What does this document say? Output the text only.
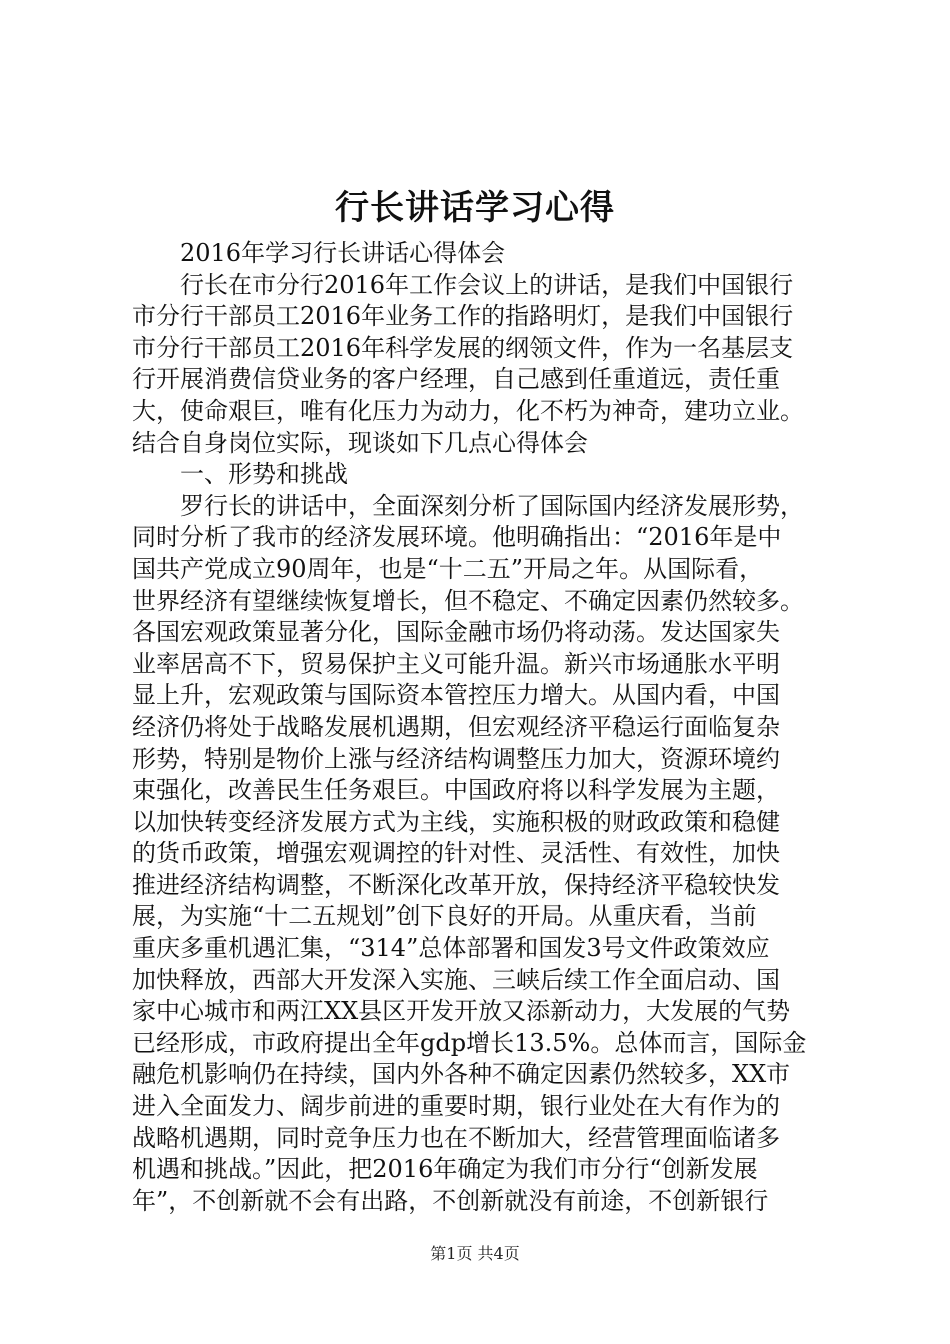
行长讲话学习心得
2016年学习行长讲话心得体会
行长在市分行2016年工作会议上的讲话，是我们中国银行
市分行干部员工2016年业务工作的指路明灯，是我们中国银行
市分行干部员工2016年科学发展的纲领文件，作为一名基层支
行开展消费信贷业务的客户经理，自己感到任重道远，责任重
大，使命艰巨，唯有化压力为动力，化不朽为神奇，建功立业。
结合自身岗位实际，现谈如下几点心得体会
一、形势和挑战
罗行长的讲话中，全面深刻分析了国际国内经济发展形势，
同时分析了我市的经济发展环境。他明确指出：“2016年是中
国共产党成立90周年，也是“十二五”开局之年。从国际看，
世界经济有望继续恢复增长，但不稳定、不确定因素仍然较多。
各国宏观政策显著分化，国际金融市场仍将动荡。发达国家失
业率居高不下，贸易保护主义可能升温。新兴市场通胀水平明
显上升，宏观政策与国际资本管控压力增大。从国内看，中国
经济仍将处于战略发展机遇期，但宏观经济平稳运行面临复杂
形势，特别是物价上涨与经济结构调整压力加大，资源环境约
束强化，改善民生任务艰巨。中国政府将以科学发展为主题，
以加快转变经济发展方式为主线，实施积极的财政政策和稳健
的货币政策，增强宏观调控的针对性、灵活性、有效性，加快
推进经济结构调整，不断深化改革开放，保持经济平稳较快发
展，为实施“十二五规划”创下良好的开局。从重庆看，当前
重庆多重机遇汇集，“314”总体部署和国发3号文件政策效应
加快释放，西部大开发深入实施、三峡后续工作全面启动、国
家中心城市和两江XX县区开发开放又添新动力，大发展的气势
已经形成，市政府提出全年gdp增长13.5%。总体而言，国际金
融危机影响仍在持续，国内外各种不确定因素仍然较多，XX市
进入全面发力、阔步前进的重要时期，银行业处在大有作为的
战略机遇期，同时竞争压力也在不断加大，经营管理面临诸多
机遇和挑战。”因此，把2016年确定为我们市分行“创新发展
年”，不创新就不会有出路，不创新就没有前途，不创新银行
第1页 共4页
